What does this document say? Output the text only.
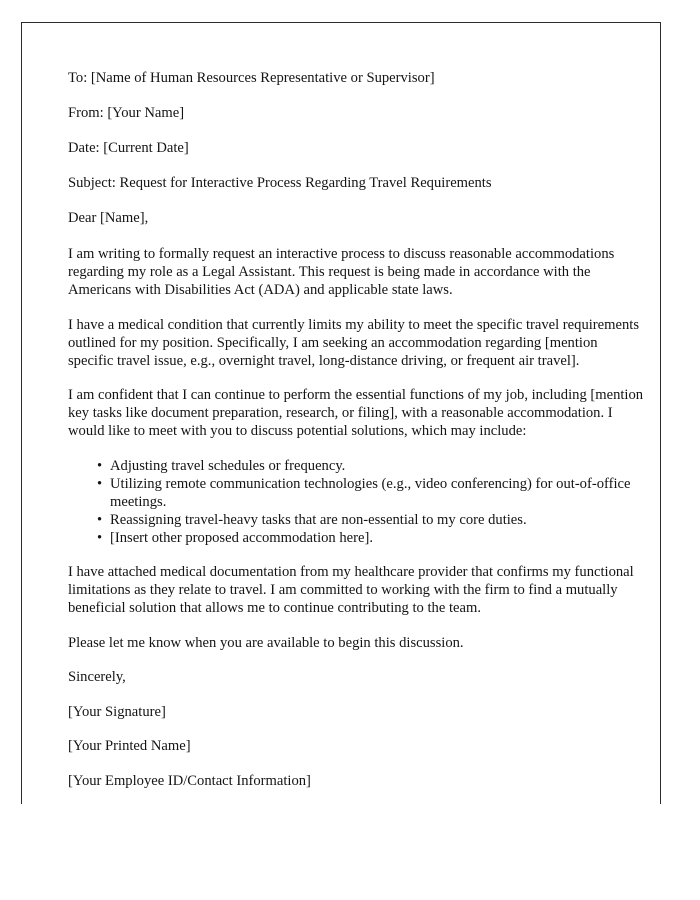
To: [Name of Human Resources Representative or Supervisor]
From: [Your Name]
Date: [Current Date]
Subject: Request for Interactive Process Regarding Travel Requirements
Dear [Name],

I am writing to formally request an interactive process to discuss reasonable accommodations regarding my role as a Legal Assistant. This request is being made in accordance with the Americans with Disabilities Act (ADA) and applicable state laws.

I have a medical condition that currently limits my ability to meet the specific travel requirements outlined for my position. Specifically, I am seeking an accommodation regarding [mention specific travel issue, e.g., overnight travel, long-distance driving, or frequent air travel].

I am confident that I can continue to perform the essential functions of my job, including [mention key tasks like document preparation, research, or filing], with a reasonable accommodation. I would like to meet with you to discuss potential solutions, which may include:

• Adjusting travel schedules or frequency.
• Utilizing remote communication technologies (e.g., video conferencing) for out-of-office meetings.
• Reassigning travel-heavy tasks that are non-essential to my core duties.
• [Insert other proposed accommodation here].

I have attached medical documentation from my healthcare provider that confirms my functional limitations as they relate to travel. I am committed to working with the firm to find a mutually beneficial solution that allows me to continue contributing to the team.

Please let me know when you are available to begin this discussion.

Sincerely,
[Your Signature]
[Your Printed Name]
[Your Employee ID/Contact Information]
